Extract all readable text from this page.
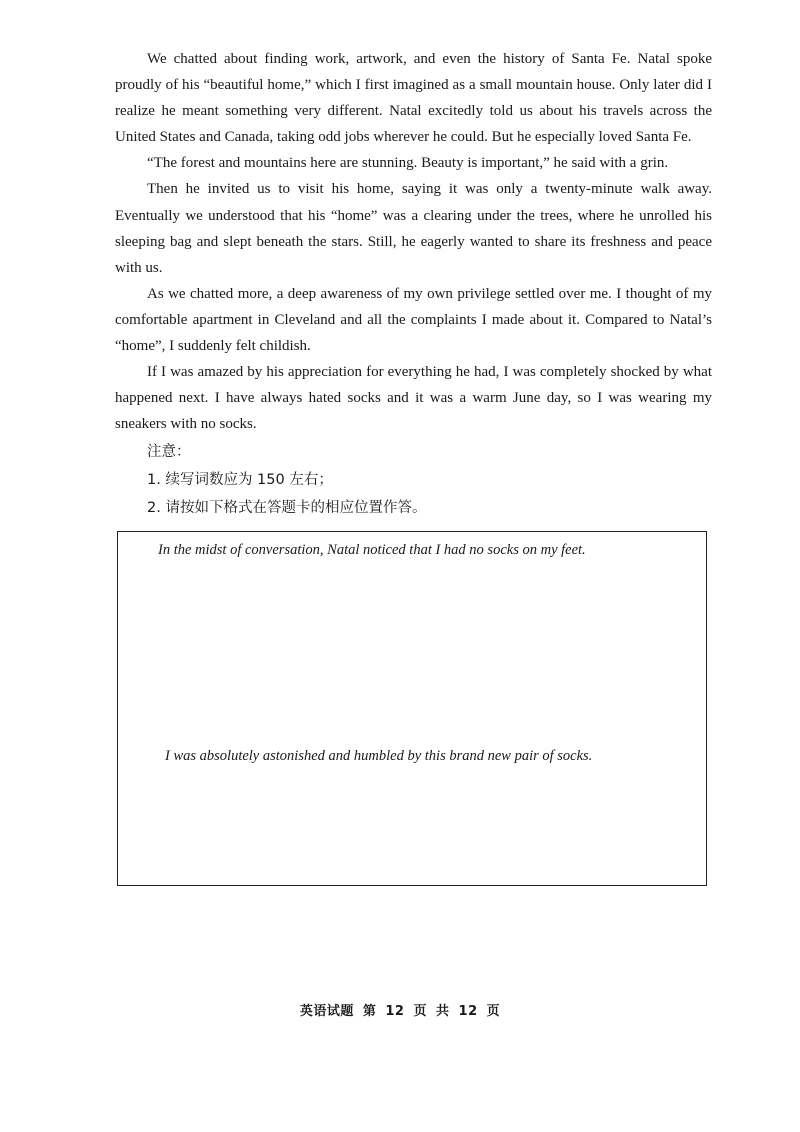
We chatted about finding work, artwork, and even the history of Santa Fe. Natal spoke proudly of his “beautiful home,” which I first imagined as a small mountain house. Only later did I realize he meant something very different. Natal excitedly told us about his travels across the United States and Canada, taking odd jobs wherever he could. But he especially loved Santa Fe.

“The forest and mountains here are stunning. Beauty is important,” he said with a grin.

Then he invited us to visit his home, saying it was only a twenty-minute walk away. Eventually we understood that his “home” was a clearing under the trees, where he unrolled his sleeping bag and slept beneath the stars. Still, he eagerly wanted to share its freshness and peace with us.

As we chatted more, a deep awareness of my own privilege settled over me. I thought of my comfortable apartment in Cleveland and all the complaints I made about it. Compared to Natal’s “home”, I suddenly felt childish.

If I was amazed by his appreciation for everything he had, I was completely shocked by what happened next. I have always hated socks and it was a warm June day, so I was wearing my sneakers with no socks.

注意：

1. 续写词数应为 150 左右；

2. 请按如下格式在答题卡的相应位置作答。

In the midst of conversation, Natal noticed that I had no socks on my feet.

I was absolutely astonished and humbled by this brand new pair of socks.

英语试题 第 12 页 共 12 页
